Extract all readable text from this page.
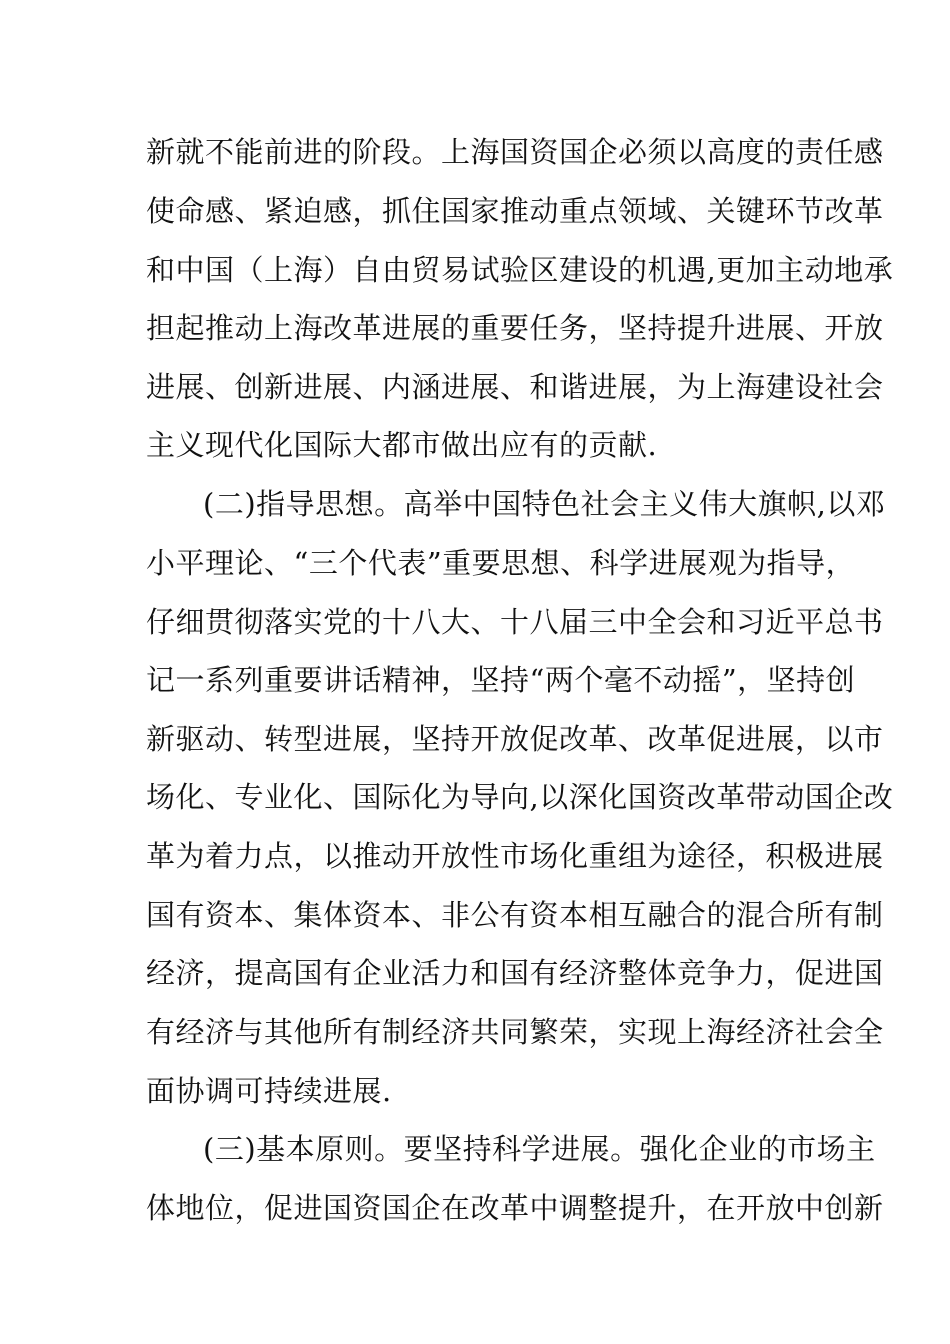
新就不能前进的阶段。上海国资国企必须以高度的责任感
使命感、紧迫感，抓住国家推动重点领域、关键环节改革
和中国（上海）自由贸易试验区建设的机遇,更加主动地承
担起推动上海改革进展的重要任务，坚持提升进展、开放
进展、创新进展、内涵进展、和谐进展，为上海建设社会
主义现代化国际大都市做出应有的贡献.
(二)指导思想。高举中国特色社会主义伟大旗帜,以邓
小平理论、“三个代表”重要思想、科学进展观为指导，
仔细贯彻落实党的十八大、十八届三中全会和习近平总书
记一系列重要讲话精神，坚持“两个毫不动摇”，坚持创
新驱动、转型进展，坚持开放促改革、改革促进展，以市
场化、专业化、国际化为导向,以深化国资改革带动国企改
革为着力点，以推动开放性市场化重组为途径，积极进展
国有资本、集体资本、非公有资本相互融合的混合所有制
经济，提高国有企业活力和国有经济整体竞争力，促进国
有经济与其他所有制经济共同繁荣，实现上海经济社会全
面协调可持续进展.
(三)基本原则。要坚持科学进展。强化企业的市场主
体地位，促进国资国企在改革中调整提升，在开放中创新
